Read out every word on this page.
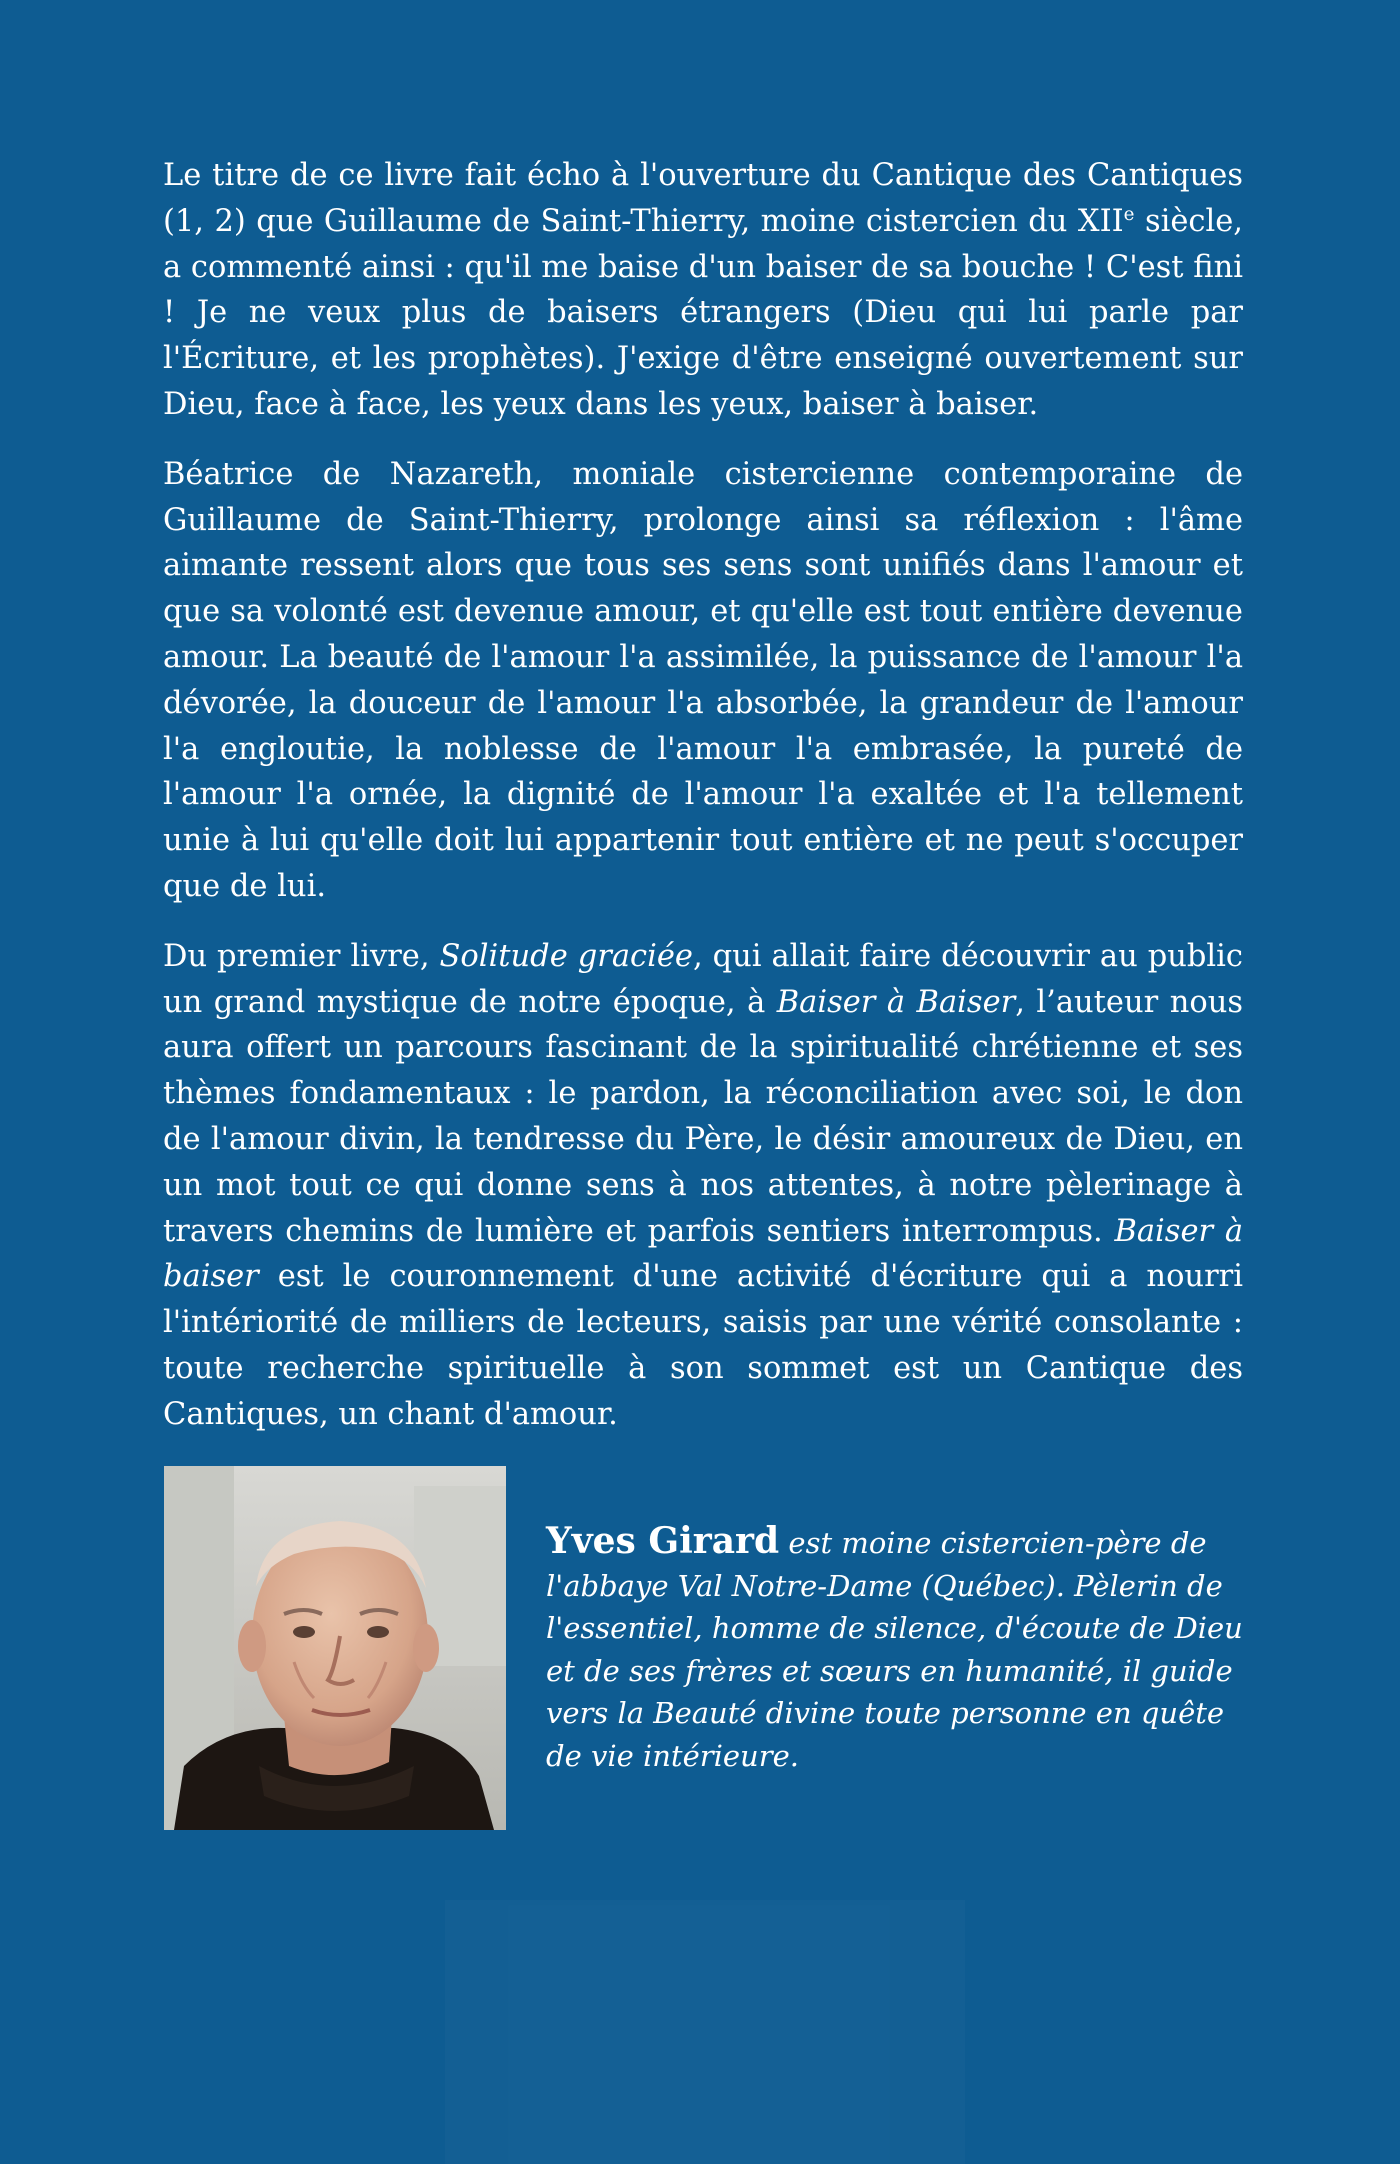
Le titre de ce livre fait écho à l'ouverture du Cantique des Cantiques (1, 2) que Guillaume de Saint-Thierry, moine cistercien du XIIe siècle, a commenté ainsi : qu'il me baise d'un baiser de sa bouche ! C'est fini ! Je ne veux plus de baisers étrangers (Dieu qui lui parle par l'Écriture, et les prophètes). J'exige d'être enseigné ouvertement sur Dieu, face à face, les yeux dans les yeux, baiser à baiser.

Béatrice de Nazareth, moniale cistercienne contemporaine de Guillaume de Saint-Thierry, prolonge ainsi sa réflexion : l'âme aimante ressent alors que tous ses sens sont unifiés dans l'amour et que sa volonté est devenue amour, et qu'elle est tout entière devenue amour. La beauté de l'amour l'a assimilée, la puissance de l'amour l'a dévorée, la douceur de l'amour l'a absorbée, la grandeur de l'amour l'a engloutie, la noblesse de l'amour l'a embrasée, la pureté de l'amour l'a ornée, la dignité de l'amour l'a exaltée et l'a tellement unie à lui qu'elle doit lui appartenir tout entière et ne peut s'occuper que de lui.

Du premier livre, Solitude graciée, qui allait faire découvrir au public un grand mystique de notre époque, à Baiser à Baiser, l’auteur nous aura offert un parcours fascinant de la spiritualité chrétienne et ses thèmes fondamentaux : le pardon, la réconciliation avec soi, le don de l'amour divin, la tendresse du Père, le désir amoureux de Dieu, en un mot tout ce qui donne sens à nos attentes, à notre pèlerinage à travers chemins de lumière et parfois sentiers interrompus. Baiser à baiser est le couronnement d'une activité d'écriture qui a nourri l'intériorité de milliers de lecteurs, saisis par une vérité consolante : toute recherche spirituelle à son sommet est un Cantique des Cantiques, un chant d'amour.

Yves Girard est moine cistercien-père de l'abbaye Val Notre-Dame (Québec). Pèlerin de l'essentiel, homme de silence, d'écoute de Dieu et de ses frères et sœurs en humanité, il guide vers la Beauté divine toute personne en quête de vie intérieure.
